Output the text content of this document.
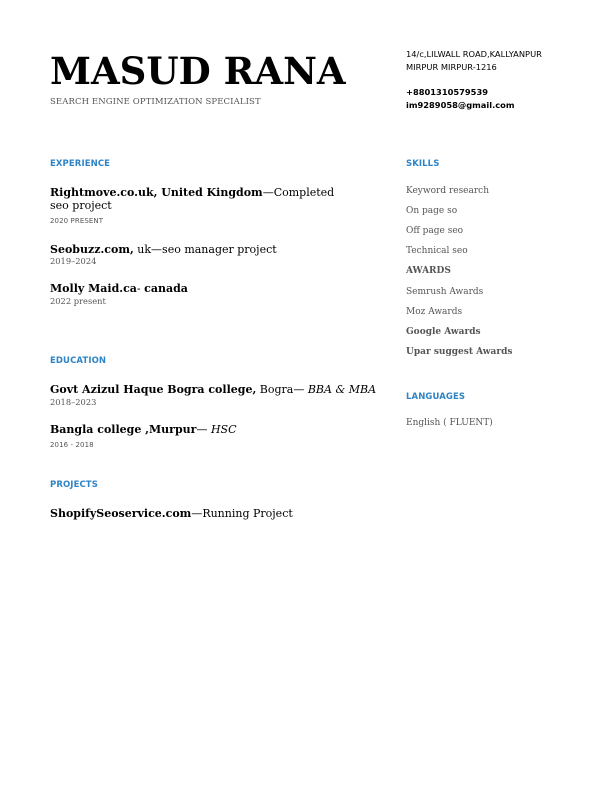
MASUD RANA
SEARCH ENGINE OPTIMIZATION SPECIALIST
14/c,LILWALL ROAD,KALLYANPUR MIRPUR MIRPUR-1216
+8801310579539
im9289058@gmail.com
EXPERIENCE
Rightmove.co.uk, United Kingdom—Completed seo project
2020 PRESENT
Seobuzz.com, uk—seo manager project
2019–2024
Molly Maid.ca- canada
2022 present
EDUCATION
Govt Azizul Haque Bogra college, Bogra— BBA & MBA
2018–2023
Bangla college ,Murpur— HSC
2016 - 2018
PROJECTS
ShopifySeoservice.com—Running Project
SKILLS
Keyword research
On page so
Off page seo
Technical seo
AWARDS
Semrush Awards
Moz Awards
Google Awards
Upar suggest Awards
LANGUAGES
English ( FLUENT)
